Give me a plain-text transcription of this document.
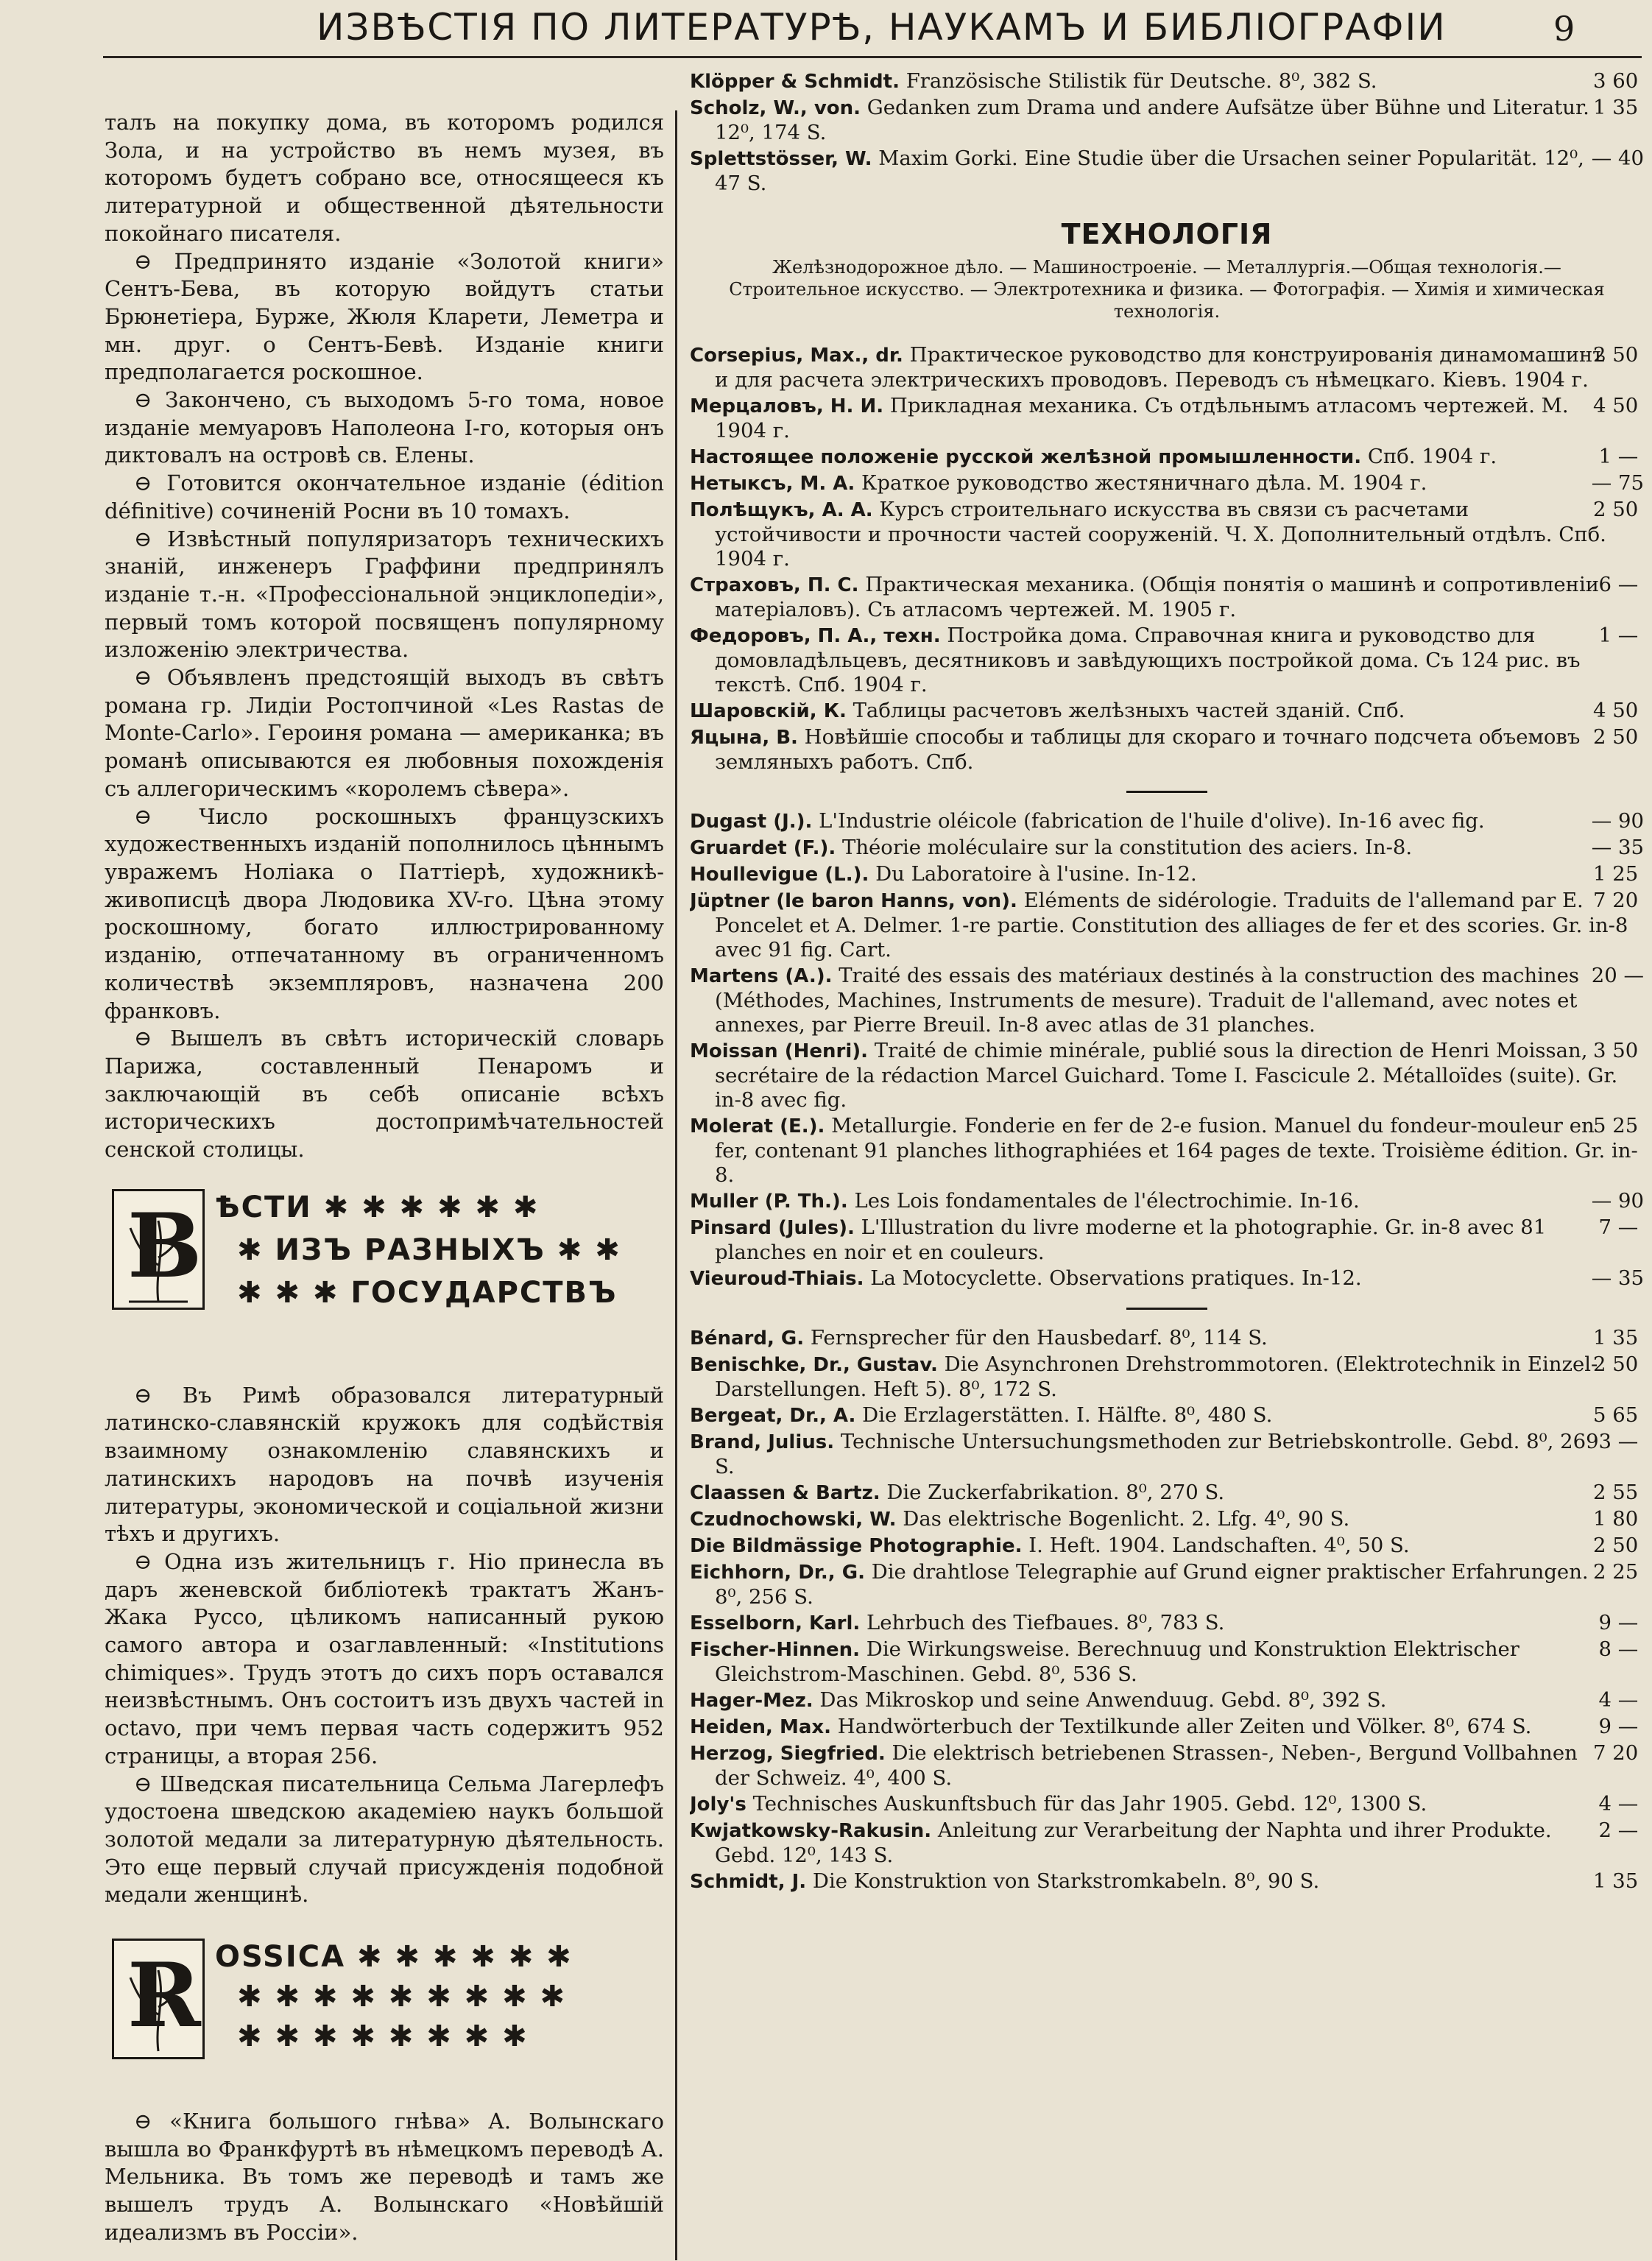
ИЗВѢСТІЯ ПО ЛИТЕРАТУРѢ, НАУКАМЪ И БИБЛІОГРАФІИ	9

талъ на покупку дома, въ которомъ родился Зола, и на устройство въ немъ музея, въ которомъ будетъ собрано все, относящееся къ литературной и общественной дѣятельности покойнаго писателя.

⊖ Предпринято изданіе «Золотой книги» Сентъ-Бева, въ которую войдутъ статьи Брюнетіера, Бурже, Жюля Кларети, Леметра и мн. друг. о Сентъ-Бевѣ. Изданіе книги предполагается роскошное.

⊖ Закончено, съ выходомъ 5-го тома, новое изданіе мемуаровъ Наполеона І-го, которыя онъ диктовалъ на островѣ св. Елены.

⊖ Готовится окончательное изданіе (édition définitive) сочиненій Росни въ 10 томахъ.

⊖ Извѣстный популяризаторъ техническихъ знаній, инженеръ Граффини предпринялъ изданіе т.-н. «Профессіональной энциклопедіи», первый томъ которой посвященъ популярному изложенію электричества.

⊖ Объявленъ предстоящій выходъ въ свѣтъ романа гр. Лидіи Ростопчиной «Les Rastas de Monte-Carlo». Героиня романа — американка; въ романѣ описываются ея любовныя похожденія съ аллегорическимъ «королемъ сѣвера».

⊖ Число роскошныхъ французскихъ художественныхъ изданій пополнилось цѣннымъ увражемъ Ноліака о Паттіерѣ, художникѣ-живописцѣ двора Людовика XV-го. Цѣна этому роскошному, богато иллюстрированному изданію, отпечатанному въ ограниченномъ количествѣ экземпляровъ, назначена 200 франковъ.

⊖ Вышелъ въ свѣтъ историческій словарь Парижа, составленный Пенаромъ и заключающій въ себѣ описаніе всѣхъ историческихъ достопримѣчательностей сенской столицы.

В ѢСТИ ✱ ✱ ✱ ✱ ✱ ✱
✱ ИЗЪ РАЗНЫХЪ ✱ ✱
✱ ✱ ✱ ГОСУДАРСТВЪ

⊖ Въ Римѣ образовался литературный латинско-славянскій кружокъ для содѣйствія взаимному ознакомленію славянскихъ и латинскихъ народовъ на почвѣ изученія литературы, экономической и соціальной жизни тѣхъ и другихъ.

⊖ Одна изъ жительницъ г. Ніо принесла въ даръ женевской библіотекѣ трактатъ Жанъ-Жака Руссо, цѣликомъ написанный рукою самого автора и озаглавленный: «Institutions chimiques». Трудъ этотъ до сихъ поръ оставался неизвѣстнымъ. Онъ состоитъ изъ двухъ частей in octavo, при чемъ первая часть содержитъ 952 страницы, а вторая 256.

⊖ Шведская писательница Сельма Лагерлефъ удостоена шведскою академіею наукъ большой золотой медали за литературную дѣятельность. Это еще первый случай присужденія подобной медали женщинѣ.

R OSSICA ✱ ✱ ✱ ✱ ✱ ✱
✱ ✱ ✱ ✱ ✱ ✱ ✱ ✱ ✱
✱ ✱ ✱ ✱ ✱ ✱ ✱ ✱

⊖ «Книга большого гнѣва» А. Волынскаго вышла во Франкфуртѣ въ нѣмецкомъ переводѣ А. Мельника. Въ томъ же переводѣ и тамъ же вышелъ трудъ А. Волынскаго «Новѣйшій идеализмъ въ Россіи».

3 60
Klöpper & Schmidt. Französische Stilistik für Deutsche. 8⁰, 382 S.
1 35
Scholz, W., von. Gedanken zum Drama und andere Aufsätze über Bühne und Literatur. 12⁰, 174 S.
— 40
Splettstösser, W. Maxim Gorki. Eine Studie über die Ursachen seiner Popularität. 12⁰, 47 S.
ТЕХНОЛОГІЯ
Желѣзнодорожное дѣло. — Машиностроеніе. — Металлургія.—Общая технологія.— Строительное искусство. — Электротехника и физика. — Фотографія. — Химія и химическая технологія.
2 50
Corsepius, Max., dr. Практическое руководство для конструированія динамомашинъ и для расчета электрическихъ проводовъ. Переводъ съ нѣмецкаго. Кіевъ. 1904 г.
4 50
Мерцаловъ, Н. И. Прикладная механика. Съ отдѣльнымъ атласомъ чертежей. М. 1904 г.
1 —
Настоящее положеніе русской желѣзной промышленности. Спб. 1904 г.
— 75
Нетыксъ, М. А. Краткое руководство жестяничнаго дѣла. М. 1904 г.
2 50
Полѣщукъ, А. А. Курсъ строительнаго искусства въ связи съ расчетами устойчивости и прочности частей сооруженій. Ч. Х. Дополнительный отдѣлъ. Спб. 1904 г.
6 —
Страховъ, П. С. Практическая механика. (Общія понятія о машинѣ и сопротивленіи матеріаловъ). Съ атласомъ чертежей. М. 1905 г.
1 —
Федоровъ, П. А., техн. Постройка дома. Справочная книга и руководство для домовладѣльцевъ, десятниковъ и завѣдующихъ постройкой дома. Съ 124 рис. въ текстѣ. Спб. 1904 г.
4 50
Шаровскій, К. Таблицы расчетовъ желѣзныхъ частей зданій. Спб.
2 50
Яцына, В. Новѣйшіе способы и таблицы для скораго и точнаго подсчета объемовъ земляныхъ работъ. Спб.
— 90
Dugast (J.). L'Industrie oléicole (fabrication de l'huile d'olive). In-16 avec fig.
— 35
Gruardet (F.). Théorie moléculaire sur la constitution des aciers. In-8.
1 25
Houllevigue (L.). Du Laboratoire à l'usine. In-12.
7 20
Jüptner (le baron Hanns, von). Eléments de sidérologie. Traduits de l'allemand par E. Poncelet et A. Delmer. 1-re partie. Constitution des alliages de fer et des scories. Gr. in-8 avec 91 fig. Cart.
20 —
Martens (A.). Traité des essais des matériaux destinés à la construction des machines (Méthodes, Machines, Instruments de mesure). Traduit de l'allemand, avec notes et annexes, par Pierre Breuil. In-8 avec atlas de 31 planches.
3 50
Moissan (Henri). Traité de chimie minérale, publié sous la direction de Henri Moissan, secrétaire de la rédaction Marcel Guichard. Tome I. Fascicule 2. Métalloïdes (suite). Gr. in-8 avec fig.
5 25
Molerat (E.). Metallurgie. Fonderie en fer de 2-e fusion. Manuel du fondeur-mouleur en fer, contenant 91 planches lithographiées et 164 pages de texte. Troisième édition. Gr. in-8.
— 90
Muller (P. Th.). Les Lois fondamentales de l'électrochimie. In-16.
7 —
Pinsard (Jules). L'Illustration du livre moderne et la photographie. Gr. in-8 avec 81 planches en noir et en couleurs.
— 35
Vieuroud-Thiais. La Motocyclette. Observations pratiques. In-12.
1 35
Bénard, G. Fernsprecher für den Hausbedarf. 8⁰, 114 S.
2 50
Benischke, Dr., Gustav. Die Asynchronen Drehstrommotoren. (Elektrotechnik in Einzel-Darstellungen. Heft 5). 8⁰, 172 S.
5 65
Bergeat, Dr., A. Die Erzlagerstätten. I. Hälfte. 8⁰, 480 S.
3 —
Brand, Julius. Technische Untersuchungsmethoden zur Betriebskontrolle. Gebd. 8⁰, 269 S.
2 55
Claassen & Bartz. Die Zuckerfabrikation. 8⁰, 270 S.
1 80
Czudnochowski, W. Das elektrische Bogenlicht. 2. Lfg. 4⁰, 90 S.
2 50
Die Bildmässige Photographie. I. Heft. 1904. Landschaften. 4⁰, 50 S.
2 25
Eichhorn, Dr., G. Die drahtlose Telegraphie auf Grund eigner praktischer Erfahrungen. 8⁰, 256 S.
9 —
Esselborn, Karl. Lehrbuch des Tiefbaues. 8⁰, 783 S.
8 —
Fischer-Hinnen. Die Wirkungsweise. Berechnuug und Konstruktion Elektrischer Gleichstrom-Maschinen. Gebd. 8⁰, 536 S.
4 —
Hager-Mez. Das Mikroskop und seine Anwenduug. Gebd. 8⁰, 392 S.
9 —
Heiden, Max. Handwörterbuch der Textilkunde aller Zeiten und Völker. 8⁰, 674 S.
7 20
Herzog, Siegfried. Die elektrisch betriebenen Strassen-, Neben-, Bergund Vollbahnen der Schweiz. 4⁰, 400 S.
4 —
Joly's Technisches Auskunftsbuch für das Jahr 1905. Gebd. 12⁰, 1300 S.
2 —
Kwjatkowsky-Rakusin. Anleitung zur Verarbeitung der Naphta und ihrer Produkte. Gebd. 12⁰, 143 S.
1 35
Schmidt, J. Die Konstruktion von Starkstromkabeln. 8⁰, 90 S.
